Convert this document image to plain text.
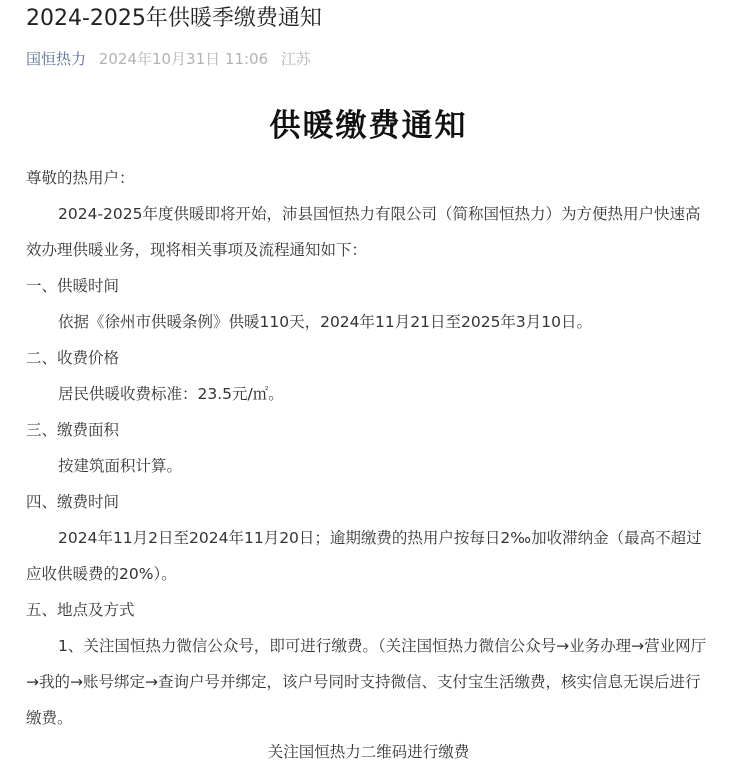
2024-2025年供暖季缴费通知
国恒热力 2024年10月31日 11:06 江苏
供暖缴费通知

尊敬的热用户：

2024-2025年度供暖即将开始，沛县国恒热力有限公司（简称国恒热力）为方便热用户快速高效办理供暖业务，现将相关事项及流程通知如下：

一、供暖时间

依据《徐州市供暖条例》供暖110天，2024年11月21日至2025年3月10日。

二、收费价格

居民供暖收费标准：23.5元/㎡。

三、缴费面积

按建筑面积计算。

四、缴费时间

2024年11月2日至2024年11月20日；逾期缴费的热用户按每日2‰加收滞纳金（最高不超过应收供暖费的20%）。

五、地点及方式

1、关注国恒热力微信公众号，即可进行缴费。（关注国恒热力微信公众号→业务办理→营业网厅→我的→账号绑定→查询户号并绑定，该户号同时支持微信、支付宝生活缴费，核实信息无误后进行缴费。

关注国恒热力二维码进行缴费
